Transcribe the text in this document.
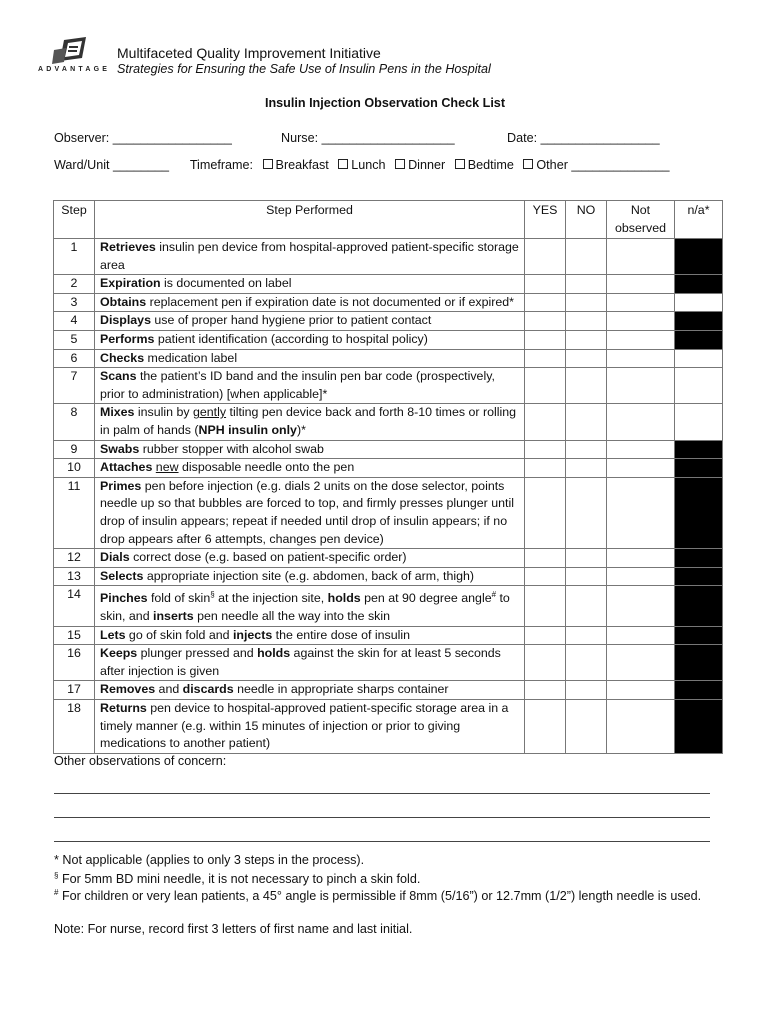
ADVANTAGE
Multifaceted Quality Improvement Initiative
Strategies for Ensuring the Safe Use of Insulin Pens in the Hospital
Insulin Injection Observation Check List
Observer: _________________	Nurse: ___________________	Date: _________________
Ward/Unit ________ Timeframe: Breakfast Lunch Dinner Bedtime Other ______________
Step	Step Performed	YES	NO	Not observed	n/a*
1	Retrieves insulin pen device from hospital-approved patient-specific storage area				
2	Expiration is documented on label				
3	Obtains replacement pen if expiration date is not documented or if expired*				
4	Displays use of proper hand hygiene prior to patient contact				
5	Performs patient identification (according to hospital policy)				
6	Checks medication label				
7	Scans the patient’s ID band and the insulin pen bar code (prospectively, prior to administration) [when applicable]*				
8	Mixes insulin by gently tilting pen device back and forth 8-10 times or rolling in palm of hands (NPH insulin only)*				
9	Swabs rubber stopper with alcohol swab				
10	Attaches new disposable needle onto the pen				
11	Primes pen before injection (e.g. dials 2 units on the dose selector, points needle up so that bubbles are forced to top, and firmly presses plunger until drop of insulin appears; repeat if needed until drop of insulin appears; if no drop appears after 6 attempts, changes pen device)				
12	Dials correct dose (e.g. based on patient-specific order)				
13	Selects appropriate injection site (e.g. abdomen, back of arm, thigh)				
14	Pinches fold of skin§ at the injection site, holds pen at 90 degree angle# to skin, and inserts pen needle all the way into the skin				
15	Lets go of skin fold and injects the entire dose of insulin				
16	Keeps plunger pressed and holds against the skin for at least 5 seconds after injection is given				
17	Removes and discards needle in appropriate sharps container				
18	Returns pen device to hospital-approved patient-specific storage area in a timely manner (e.g. within 15 minutes of injection or prior to giving medications to another patient)				
Other observations of concern:
* Not applicable (applies to only 3 steps in the process).
§ For 5mm BD mini needle, it is not necessary to pinch a skin fold.
# For children or very lean patients, a 45° angle is permissible if 8mm (5/16”) or 12.7mm (1/2”) length needle is used.
Note: For nurse, record first 3 letters of first name and last initial.
